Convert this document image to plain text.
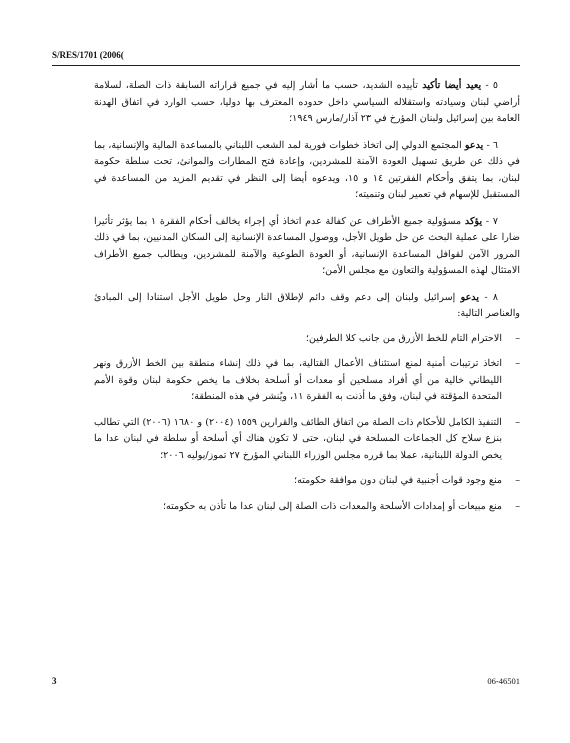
S/RES/1701 (2006(

٥ - يعيد أيضا تأكيد تأييده الشديد، حسب ما أشار إليه في جميع قراراته السابقة ذات الصلة، لسلامة أراضي لبنان وسيادته واستقلاله السياسي داخل حدوده المعترف بها دوليا، حسب الوارد في اتفاق الهدنة العامة بين إسرائيل ولبنان المؤرخ في ٢٣ آذار/مارس ١٩٤٩؛

٦ - يدعو المجتمع الدولي إلى اتخاذ خطوات فورية لمد الشعب اللبناني بالمساعدة المالية والإنسانية، بما في ذلك عن طريق تسهيل العودة الآمنة للمشردين، وإعادة فتح المطارات والموانئ، تحت سلطة حكومة لبنان، بما يتفق وأحكام الفقرتين ١٤ و ١٥، ويدعوه أيضا إلى النظر في تقديم المزيد من المساعدة في المستقبل للإسهام في تعمير لبنان وتنميته؛

٧ - يؤكد مسؤولية جميع الأطراف عن كفالة عدم اتخاذ أي إجراء يخالف أحكام الفقرة ١ بما يؤثر تأثيرا ضارا على عملية البحث عن حل طويل الأجل، ووصول المساعدة الإنسانية إلى السكان المدنيين، بما في ذلك المرور الآمن لقوافل المساعدة الإنسانية، أو العودة الطوعية والآمنة للمشردين، ويطالب جميع الأطراف الامتثال لهذه المسؤولية والتعاون مع مجلس الأمن؛

٨ - يدعو إسرائيل ولبنان إلى دعم وقف دائم لإطلاق النار وحل طويل الأجل استنادا إلى المبادئ والعناصر التالية:

–
الاحترام التام للخط الأزرق من جانب كلا الطرفين؛
–
اتخاذ ترتيبات أمنية لمنع استئناف الأعمال القتالية، بما في ذلك إنشاء منطقة بين الخط الأزرق ونهر الليطاني خالية من أي أفراد مسلحين أو معدات أو أسلحة بخلاف ما يخص حكومة لبنان وقوة الأمم المتحدة المؤقتة في لبنان، وفق ما أذنت به الفقرة ١١، ويُنشر في هذه المنطقة؛
–
التنفيذ الكامل للأحكام ذات الصلة من اتفاق الطائف والقرارين ١٥٥٩ (٢٠٠٤) و ١٦٨٠ (٢٠٠٦) التي تطالب بنزع سلاح كل الجماعات المسلحة في لبنان، حتى لا تكون هناك أي أسلحة أو سلطة في لبنان عدا ما يخص الدولة اللبنانية، عملا بما قرره مجلس الوزراء اللبناني المؤرخ ٢٧ تموز/يوليه ٢٠٠٦؛
–
منع وجود قوات أجنبية في لبنان دون موافقة حكومته؛
–
منع مبيعات أو إمدادات الأسلحة والمعدات ذات الصلة إلى لبنان عدا ما تأذن به حكومته؛
3	06-46501
